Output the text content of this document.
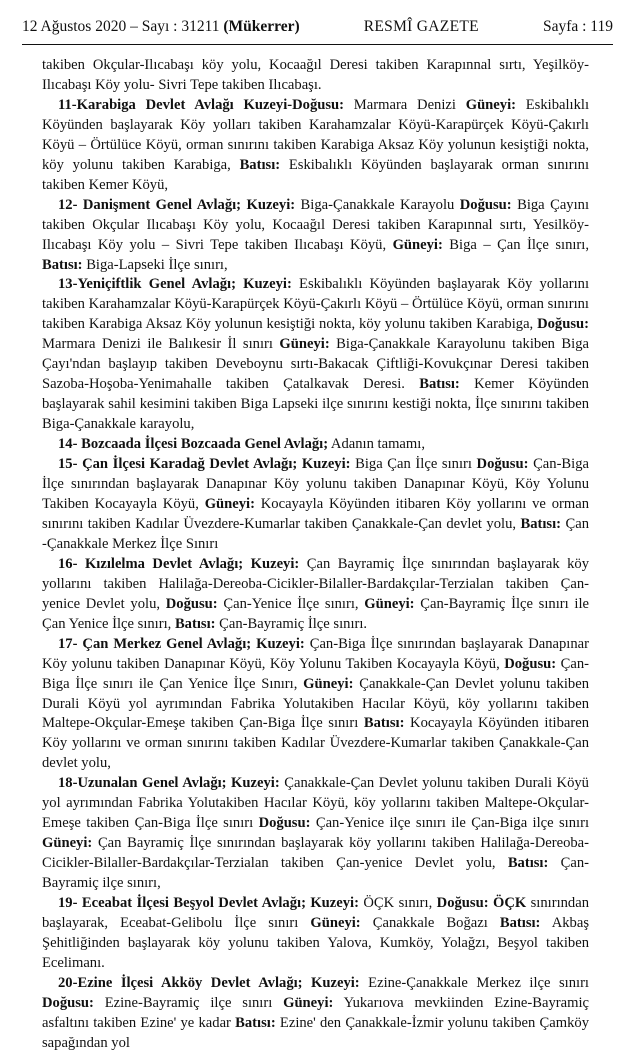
12 Ağustos 2020 – Sayı : 31211 (Mükerrer)	RESMÎ GAZETE	Sayfa : 119

takiben Okçular-Ilıcabaşı köy yolu, Kocaağıl Deresi takiben Karapınnal sırtı, Yeşilköy-Ilıcabaşı Köy yolu- Sivri Tepe takiben Ilıcabaşı.

11-Karabiga Devlet Avlağı Kuzeyi-Doğusu: Marmara Denizi Güneyi: Eskibalıklı Köyünden başlayarak Köy yolları takiben Karahamzalar Köyü-Karapürçek Köyü-Çakırlı Köyü – Örtülüce Köyü, orman sınırını takiben Karabiga Aksaz Köy yolunun kesiştiği nokta, köy yolunu takiben Karabiga, Batısı: Eskibalıklı Köyünden başlayarak orman sınırını takiben Kemer Köyü,

12- Danişment Genel Avlağı; Kuzeyi: Biga-Çanakkale Karayolu Doğusu: Biga Çayını takiben Okçular Ilıcabaşı Köy yolu, Kocaağıl Deresi takiben Karapınnal sırtı, Yesilköy-Ilıcabaşı Köy yolu – Sivri Tepe takiben Ilıcabaşı Köyü, Güneyi: Biga – Çan İlçe sınırı, Batısı: Biga-Lapseki İlçe sınırı,

13-Yeniçiftlik Genel Avlağı; Kuzeyi: Eskibalıklı Köyünden başlayarak Köy yollarını takiben Karahamzalar Köyü-Karapürçek Köyü-Çakırlı Köyü – Örtülüce Köyü, orman sınırını takiben Karabiga Aksaz Köy yolunun kesiştiği nokta, köy yolunu takiben Karabiga, Doğusu: Marmara Denizi ile Balıkesir İl sınırı Güneyi: Biga-Çanakkale Karayolunu takiben Biga Çayı'ndan başlayıp takiben Deveboynu sırtı-Bakacak Çiftliği-Kovukçınar Deresi takiben Sazoba-Hoşoba-Yenimahalle takiben Çatalkavak Deresi. Batısı: Kemer Köyünden başlayarak sahil kesimini takiben Biga Lapseki ilçe sınırını kestiği nokta, İlçe sınırını takiben Biga-Çanakkale karayolu,

14- Bozcaada İlçesi Bozcaada Genel Avlağı; Adanın tamamı,

15- Çan İlçesi Karadağ Devlet Avlağı; Kuzeyi: Biga Çan İlçe sınırı Doğusu: Çan-Biga İlçe sınırından başlayarak Danapınar Köy yolunu takiben Danapınar Köyü, Köy Yolunu Takiben Kocayayla Köyü, Güneyi: Kocayayla Köyünden itibaren Köy yollarını ve orman sınırını takiben Kadılar Üvezdere-Kumarlar takiben Çanakkale-Çan devlet yolu, Batısı: Çan -Çanakkale Merkez İlçe Sınırı

16- Kızılelma Devlet Avlağı; Kuzeyi: Çan Bayramiç İlçe sınırından başlayarak köy yollarını takiben Halilağa-Dereoba-Cicikler-Bilaller-Bardakçılar-Terzialan takiben Çan-yenice Devlet yolu, Doğusu: Çan-Yenice İlçe sınırı, Güneyi: Çan-Bayramiç İlçe sınırı ile Çan Yenice İlçe sınırı, Batısı: Çan-Bayramiç İlçe sınırı.

17- Çan Merkez Genel Avlağı; Kuzeyi: Çan-Biga İlçe sınırından başlayarak Danapınar Köy yolunu takiben Danapınar Köyü, Köy Yolunu Takiben Kocayayla Köyü, Doğusu: Çan-Biga İlçe sınırı ile Çan Yenice İlçe Sınırı, Güneyi: Çanakkale-Çan Devlet yolunu takiben Durali Köyü yol ayrımından Fabrika Yolutakiben Hacılar Köyü, köy yollarını takiben Maltepe-Okçular-Emeşe takiben Çan-Biga İlçe sınırı Batısı: Kocayayla Köyünden itibaren Köy yollarını ve orman sınırını takiben Kadılar Üvezdere-Kumarlar takiben Çanakkale-Çan devlet yolu,

18-Uzunalan Genel Avlağı; Kuzeyi: Çanakkale-Çan Devlet yolunu takiben Durali Köyü yol ayrımından Fabrika Yolutakiben Hacılar Köyü, köy yollarını takiben Maltepe-Okçular-Emeşe takiben Çan-Biga İlçe sınırı Doğusu: Çan-Yenice ilçe sınırı ile Çan-Biga ilçe sınırı Güneyi: Çan Bayramiç İlçe sınırından başlayarak köy yollarını takiben Halilağa-Dereoba-Cicikler-Bilaller-Bardakçılar-Terzialan takiben Çan-yenice Devlet yolu, Batısı: Çan-Bayramiç ilçe sınırı,

19- Eceabat İlçesi Beşyol Devlet Avlağı; Kuzeyi: ÖÇK sınırı, Doğusu: ÖÇK sınırından başlayarak, Eceabat-Gelibolu İlçe sınırı Güneyi: Çanakkale Boğazı Batısı: Akbaş Şehitliğinden başlayarak köy yolunu takiben Yalova, Kumköy, Yolağzı, Beşyol takiben Ecelimanı.

20-Ezine İlçesi Akköy Devlet Avlağı; Kuzeyi: Ezine-Çanakkale Merkez ilçe sınırı Doğusu: Ezine-Bayramiç ilçe sınırı Güneyi: Yukarıova mevkiinden Ezine-Bayramiç asfaltını takiben Ezine' ye kadar Batısı: Ezine' den Çanakkale-İzmir yolunu takiben Çamköy sapağından yol
